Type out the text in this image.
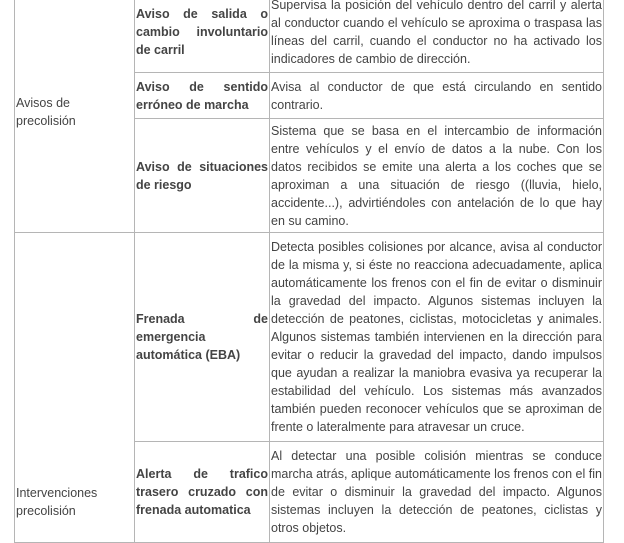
Avisos de precolisión	Aviso de salida o cambio involuntario de carril	Supervisa la posición del vehículo dentro del carril y alerta al conductor cuando el vehículo se aproxima o traspasa las líneas del carril, cuando el conductor no ha activado los indicadores de cambio de dirección.
	Aviso de sentido erróneo de marcha	Avisa al conductor de que está circulando en sentido contrario.
	Aviso de situaciones de riesgo	Sistema que se basa en el intercambio de información entre vehículos y el envío de datos a la nube. Con los datos recibidos se emite una alerta a los coches que se aproximan a una situación de riesgo ((lluvia, hielo, accidente...), advirtiéndoles con antelación de lo que hay en su camino.
Intervenciones precolisión	Frenada de emergencia automática (EBA)	Detecta posibles colisiones por alcance, avisa al conductor de la misma y, si éste no reacciona adecuadamente, aplica automáticamente los frenos con el fin de evitar o disminuir la gravedad del impacto. Algunos sistemas incluyen la detección de peatones, ciclistas, motocicletas y animales. Algunos sistemas también intervienen en la dirección para evitar o reducir la gravedad del impacto, dando impulsos que ayudan a realizar la maniobra evasiva ya recuperar la estabilidad del vehículo. Los sistemas más avanzados también pueden reconocer vehículos que se aproximan de frente o lateralmente para atravesar un cruce.
	Alerta de trafico trasero cruzado con frenada automatica	Al detectar una posible colisión mientras se conduce marcha atrás, aplique automáticamente los frenos con el fin de evitar o disminuir la gravedad del impacto. Algunos sistemas incluyen la detección de peatones, ciclistas y otros objetos.
